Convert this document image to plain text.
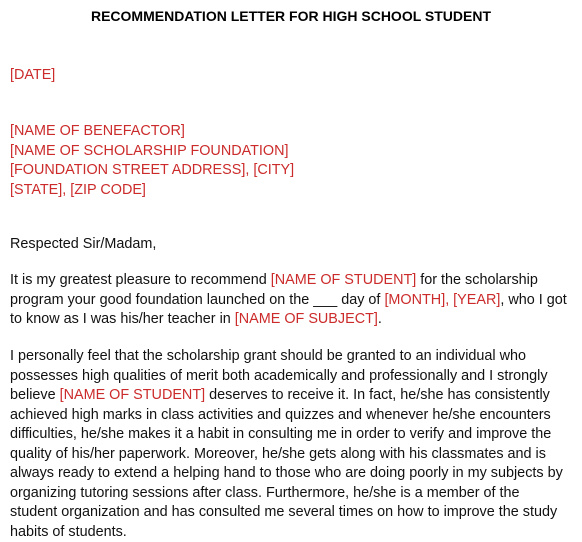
RECOMMENDATION LETTER FOR HIGH SCHOOL STUDENT
[DATE]
[NAME OF BENEFACTOR]
[NAME OF SCHOLARSHIP FOUNDATION]
[FOUNDATION STREET ADDRESS], [CITY]
[STATE], [ZIP CODE]
Respected Sir/Madam,
It is my greatest pleasure to recommend [NAME OF STUDENT] for the scholarship
program your good foundation launched on the ___ day of [MONTH], [YEAR], who I got
to know as I was his/her teacher in [NAME OF SUBJECT].
I personally feel that the scholarship grant should be granted to an individual who
possesses high qualities of merit both academically and professionally and I strongly
believe [NAME OF STUDENT] deserves to receive it. In fact, he/she has consistently
achieved high marks in class activities and quizzes and whenever he/she encounters
difficulties, he/she makes it a habit in consulting me in order to verify and improve the
quality of his/her paperwork. Moreover, he/she gets along with his classmates and is
always ready to extend a helping hand to those who are doing poorly in my subjects by
organizing tutoring sessions after class. Furthermore, he/she is a member of the
student organization and has consulted me several times on how to improve the study
habits of students.
